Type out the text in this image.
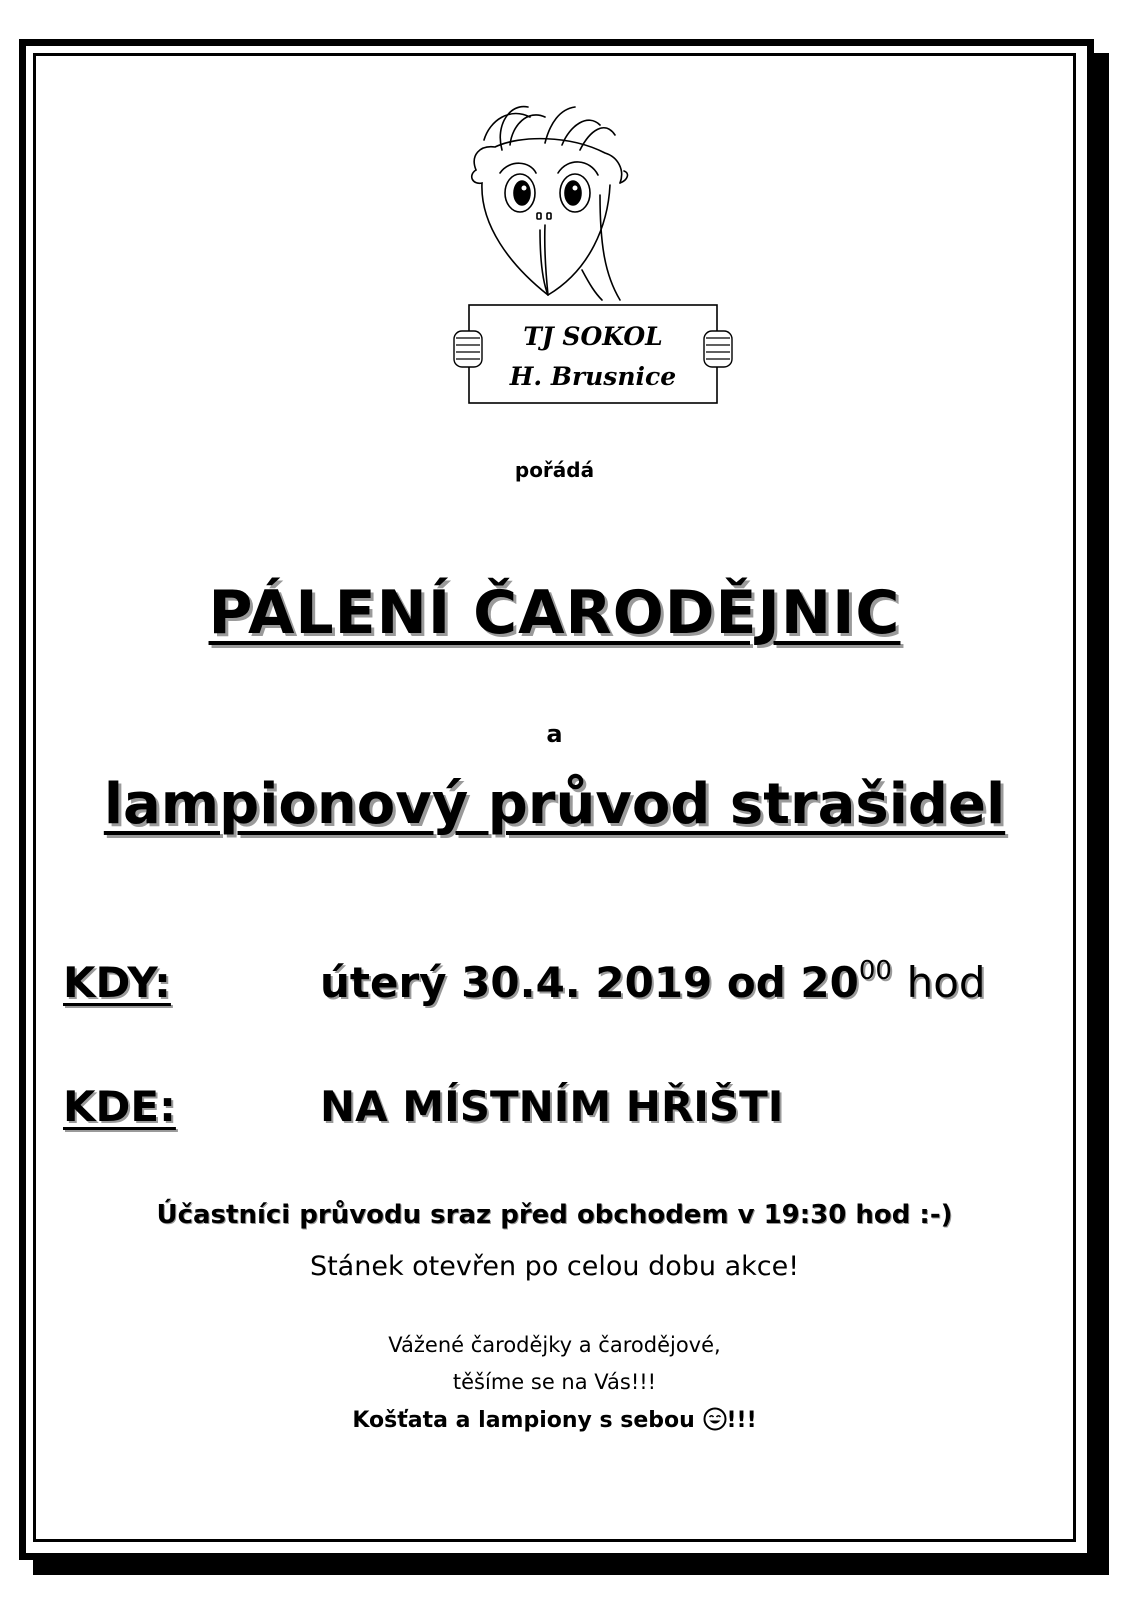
TJ SOKOL
H. Brusnice
pořádá
PÁLENÍ ČARODĚJNIC
a
lampionový průvod strašidel
KDY:	úterý 30.4. 2019 od $20^{00}$ hod
KDE:	NA MÍSTNÍM HŘIŠTI
Účastníci průvodu sraz před obchodem v 19:30 hod :-)
Stánek otevřen po celou dobu akce!
Vážené čarodějky a čarodějové,
těšíme se na Vás!!!
Košťata a lampiony s sebou !!!
